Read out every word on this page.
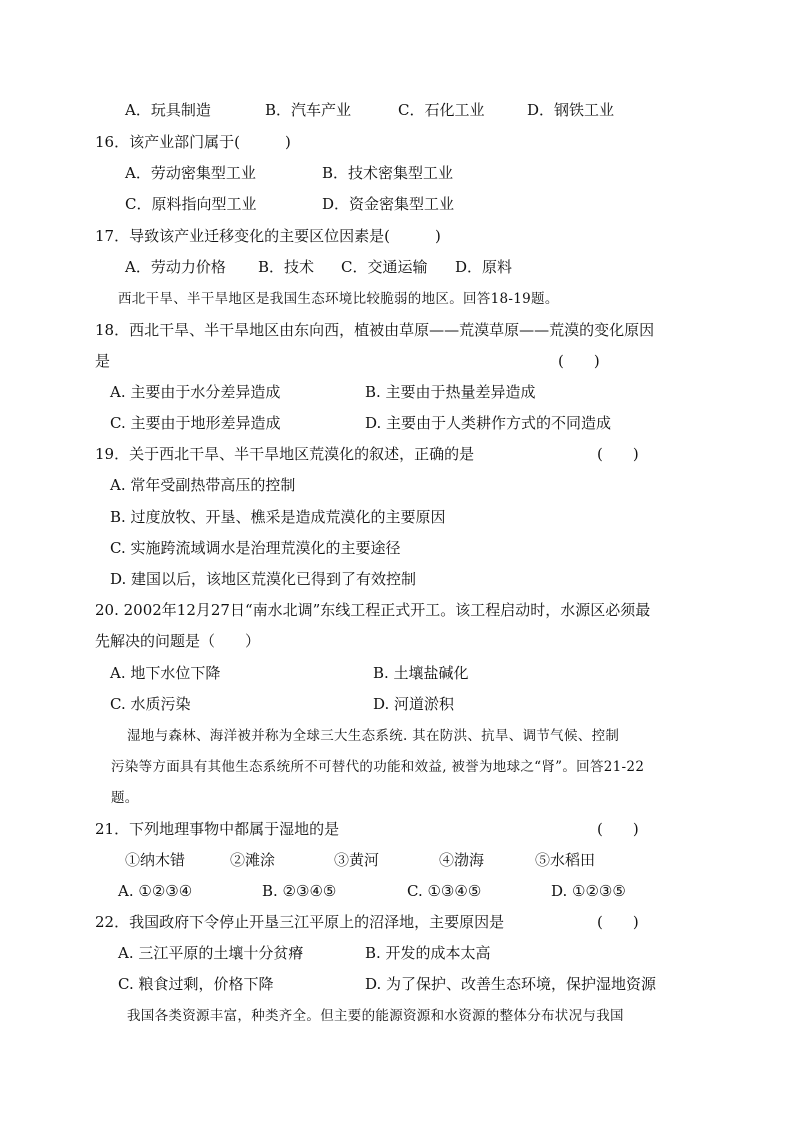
A．玩具制造	B．汽车产业	C．石化工业	D．钢铁工业
16．该产业部门属于(　　　)
A．劳动密集型工业	B．技术密集型工业
C．原料指向型工业	D．资金密集型工业
17．导致该产业迁移变化的主要区位因素是(　　　)
A．劳动力价格 B．技术 C．交通运输 D．原料
西北干旱、半干旱地区是我国生态环境比较脆弱的地区。回答18-19题。
18．西北干旱、半干旱地区由东向西，植被由草原——荒漠草原——荒漠的变化原因
是	(　　)
A. 主要由于水分差异造成	B. 主要由于热量差异造成
C. 主要由于地形差异造成	D. 主要由于人类耕作方式的不同造成
19．关于西北干旱、半干旱地区荒漠化的叙述，正确的是	(　　)
A. 常年受副热带高压的控制
B. 过度放牧、开垦、樵采是造成荒漠化的主要原因
C. 实施跨流域调水是治理荒漠化的主要途径
D. 建国以后，该地区荒漠化已得到了有效控制
20. 2002年12月27日“南水北调”东线工程正式开工。该工程启动时，水源区必须最
先解决的问题是（　　）
A. 地下水位下降	B. 土壤盐碱化
C. 水质污染	D. 河道淤积
湿地与森林、海洋被并称为全球三大生态系统. 其在防洪、抗旱、调节气候、控制
污染等方面具有其他生态系统所不可替代的功能和效益, 被誉为地球之“肾”。回答21-22
题。
21．下列地理事物中都属于湿地的是	(　　)
①纳木错	②滩涂	③黄河	④渤海	⑤水稻田
A. ①②③④	B. ②③④⑤	C. ①③④⑤	D. ①②③⑤
22．我国政府下令停止开垦三江平原上的沼泽地，主要原因是	(　　)
A. 三江平原的土壤十分贫瘠	B. 开发的成本太高
C. 粮食过剩，价格下降	D. 为了保护、改善生态环境，保护湿地资源
我国各类资源丰富，种类齐全。但主要的能源资源和水资源的整体分布状况与我国
